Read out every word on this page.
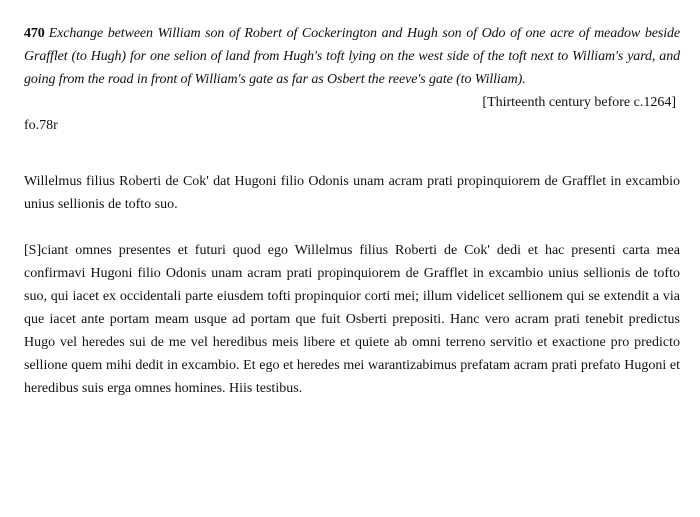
470 Exchange between William son of Robert of Cockerington and Hugh son of Odo of one acre of meadow beside Grafflet (to Hugh) for one selion of land from Hugh's toft lying on the west side of the toft next to William's yard, and going from the road in front of William's gate as far as Osbert the reeve's gate (to William).
[Thirteenth century before c.1264]
fo.78r
Willelmus filius Roberti de Cok' dat Hugoni filio Odonis unam acram prati propinquiorem de Grafflet in excambio unius sellionis de tofto suo.
[S]ciant omnes presentes et futuri quod ego Willelmus filius Roberti de Cok' dedi et hac presenti carta mea confirmavi Hugoni filio Odonis unam acram prati propinquiorem de Grafflet in excambio unius sellionis de tofto suo, qui iacet ex occidentali parte eiusdem tofti propinquior corti mei; illum videlicet sellionem qui se extendit a via que iacet ante portam meam usque ad portam que fuit Osberti prepositi. Hanc vero acram prati tenebit predictus Hugo vel heredes sui de me vel heredibus meis libere et quiete ab omni terreno servitio et exactione pro predicto sellione quem mihi dedit in excambio. Et ego et heredes mei warantizabimus prefatam acram prati prefato Hugoni et heredibus suis erga omnes homines. Hiis testibus.
